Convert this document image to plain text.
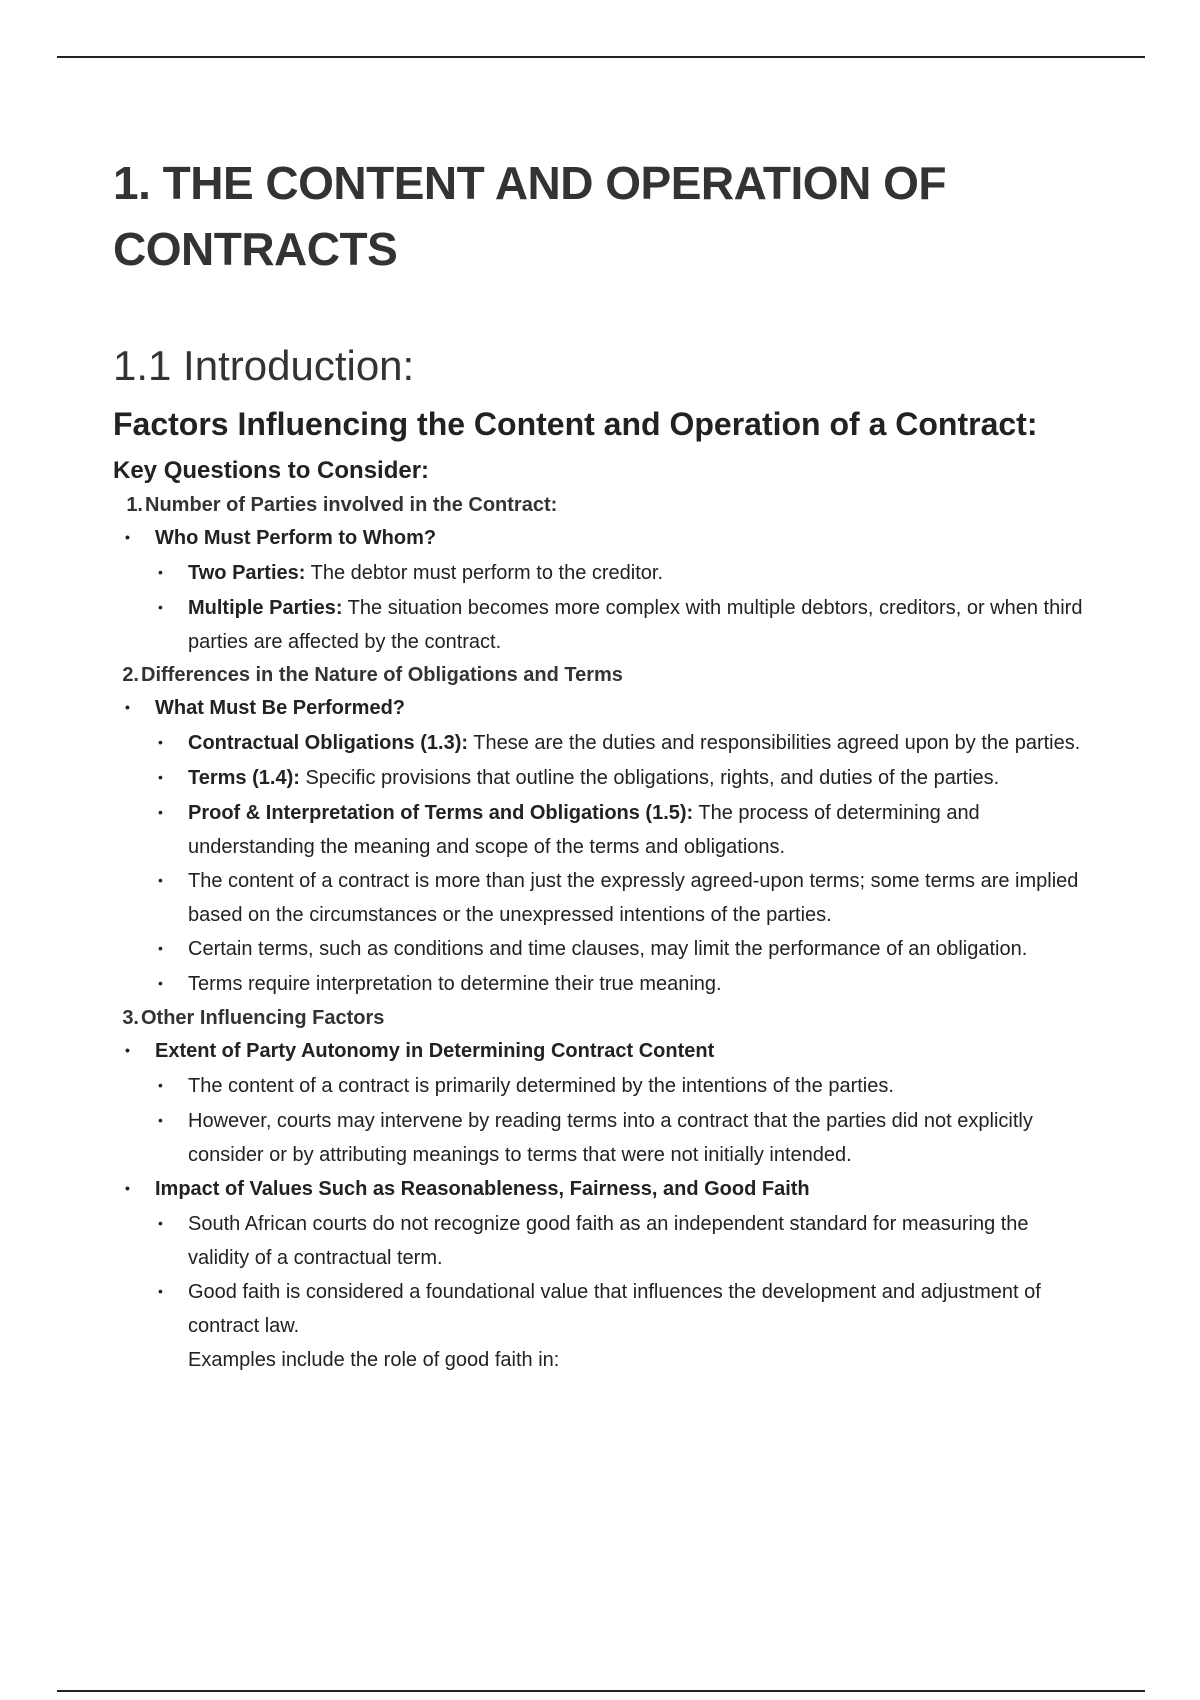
1. THE CONTENT AND OPERATION OF CONTRACTS
1.1 Introduction:
Factors Influencing the Content and Operation of a Contract:
Key Questions to Consider:
1. Number of Parties involved in the Contract:
•
Who Must Perform to Whom?
•
Two Parties: The debtor must perform to the creditor.
•
Multiple Parties: The situation becomes more complex with multiple debtors, creditors, or when third parties are affected by the contract.
2. Differences in the Nature of Obligations and Terms
•
What Must Be Performed?
•
Contractual Obligations (1.3): These are the duties and responsibilities agreed upon by the parties.
•
Terms (1.4): Specific provisions that outline the obligations, rights, and duties of the parties.
•
Proof & Interpretation of Terms and Obligations (1.5): The process of determining and understanding the meaning and scope of the terms and obligations.
•
The content of a contract is more than just the expressly agreed-upon terms; some terms are implied based on the circumstances or the unexpressed intentions of the parties.
•
Certain terms, such as conditions and time clauses, may limit the performance of an obligation.
•
Terms require interpretation to determine their true meaning.
3. Other Influencing Factors
•
Extent of Party Autonomy in Determining Contract Content
•
The content of a contract is primarily determined by the intentions of the parties.
•
However, courts may intervene by reading terms into a contract that the parties did not explicitly consider or by attributing meanings to terms that were not initially intended.
•
Impact of Values Such as Reasonableness, Fairness, and Good Faith
•
South African courts do not recognize good faith as an independent standard for measuring the validity of a contractual term.
•
Good faith is considered a foundational value that influences the development and adjustment of contract law.
Examples include the role of good faith in:
